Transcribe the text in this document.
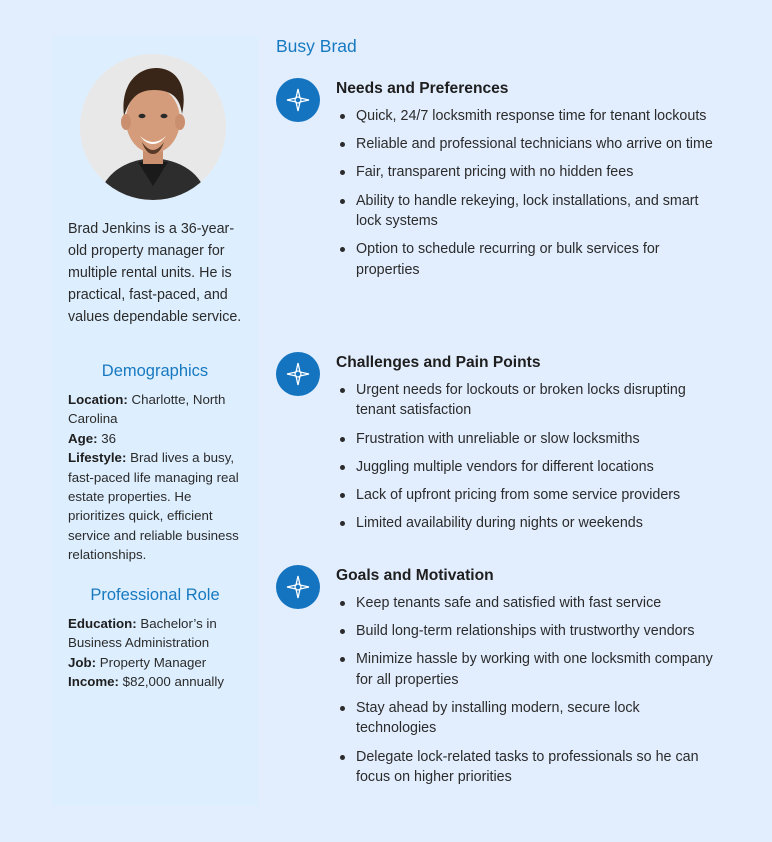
Brad Jenkins is a 36-year-old property manager for multiple rental units. He is practical, fast-paced, and values dependable service.

Demographics
Location: Charlotte, North Carolina
Age: 36
Lifestyle: Brad lives a busy, fast-paced life managing real estate properties. He prioritizes quick, efficient service and reliable business relationships.
Professional Role
Education: Bachelor’s in Business Administration
Job: Property Manager
Income: $82,000 annually
Busy Brad
Needs and Preferences
Quick, 24/7 locksmith response time for tenant lockouts
Reliable and professional technicians who arrive on time
Fair, transparent pricing with no hidden fees
Ability to handle rekeying, lock installations, and smart lock systems
Option to schedule recurring or bulk services for properties
Challenges and Pain Points
Urgent needs for lockouts or broken locks disrupting tenant satisfaction
Frustration with unreliable or slow locksmiths
Juggling multiple vendors for different locations
Lack of upfront pricing from some service providers
Limited availability during nights or weekends
Goals and Motivation
Keep tenants safe and satisfied with fast service
Build long-term relationships with trustworthy vendors
Minimize hassle by working with one locksmith company for all properties
Stay ahead by installing modern, secure lock technologies
Delegate lock-related tasks to professionals so he can focus on higher priorities
